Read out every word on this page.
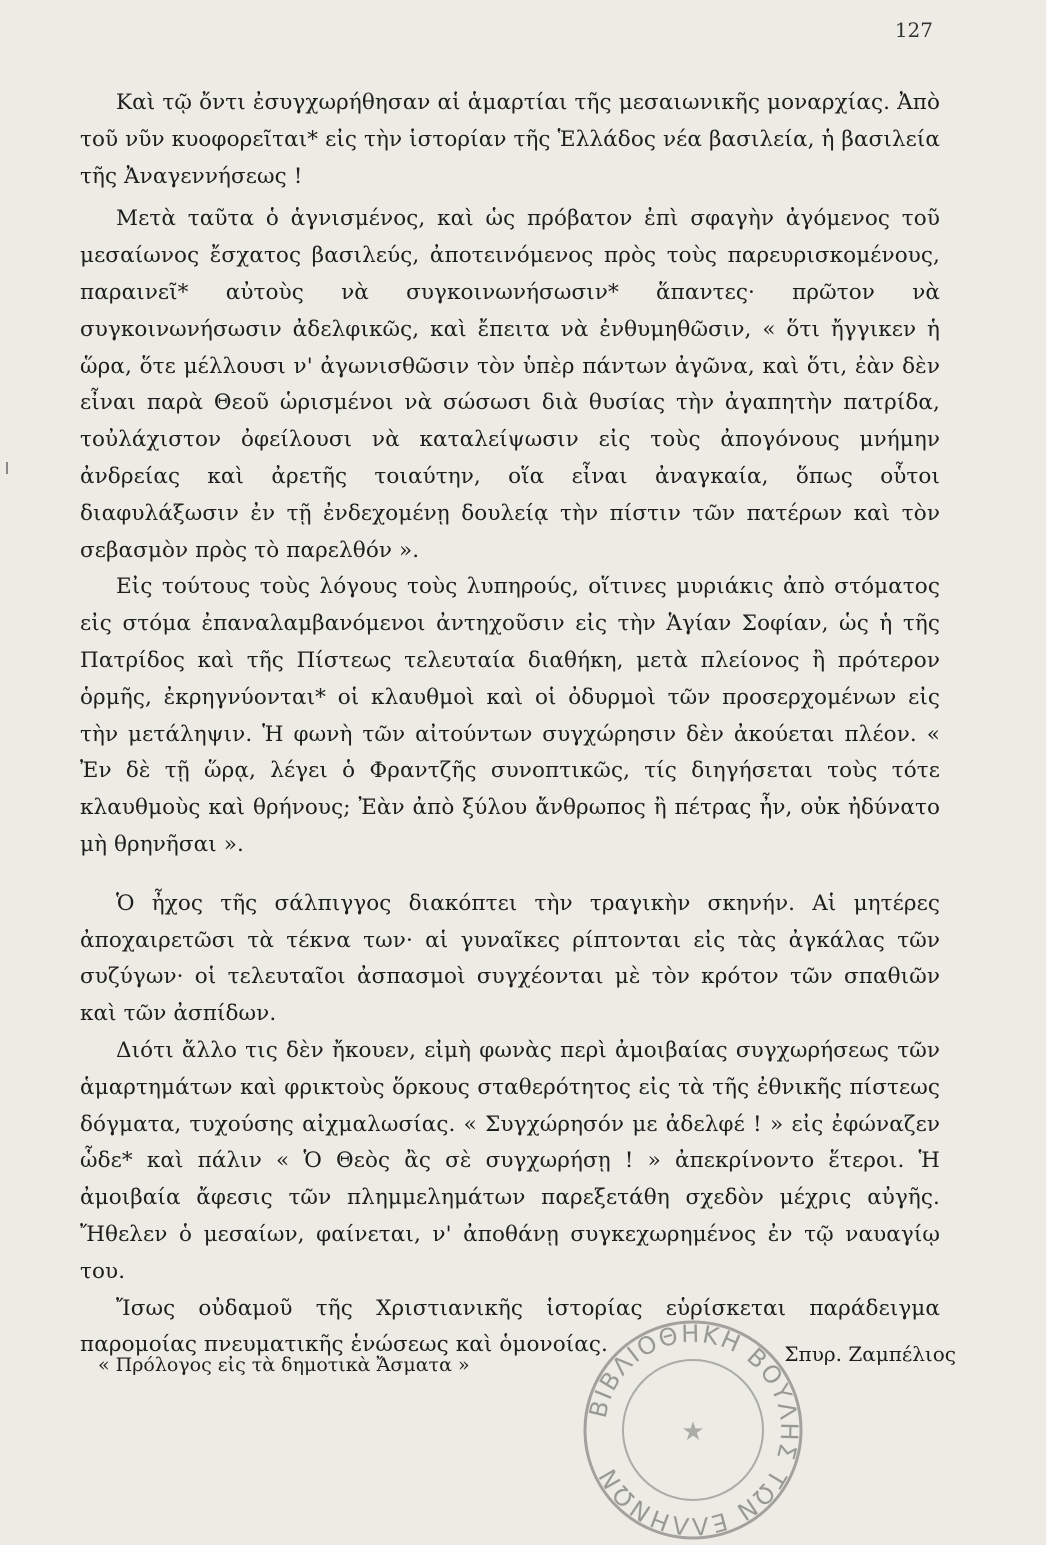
127

Καὶ τῷ ὄντι ἐσυγχωρήθησαν αἱ ἁμαρτίαι τῆς μεσαιωνικῆς μοναρχίας. Ἀπὸ τοῦ νῦν κυοφορεῖται* εἰς τὴν ἱστορίαν τῆς Ἑλλάδος νέα βασιλεία, ἡ βασιλεία τῆς Ἀναγεννήσεως !

Μετὰ ταῦτα ὁ ἁγνισμένος, καὶ ὡς πρόβατον ἐπὶ σφαγὴν ἀγόμενος τοῦ μεσαίωνος ἔσχατος βασιλεύς, ἀποτεινόμενος πρὸς τοὺς παρευρισκομένους, παραινεῖ* αὐτοὺς νὰ συγκοινωνήσωσιν* ἅπαντες· πρῶτον νὰ συγκοινωνήσωσιν ἀδελφικῶς, καὶ ἔπειτα νὰ ἐνθυμηθῶσιν, « ὅτι ἤγγικεν ἡ ὥρα, ὅτε μέλλουσι ν' ἀγωνισθῶσιν τὸν ὑπὲρ πάντων ἀγῶνα, καὶ ὅτι, ἐὰν δὲν εἶναι παρὰ Θεοῦ ὡρισμένοι νὰ σώσωσι διὰ θυσίας τὴν ἀγαπητὴν πατρίδα, τοὐλάχιστον ὀφείλουσι νὰ καταλείψωσιν εἰς τοὺς ἀπογόνους μνήμην ἀνδρείας καὶ ἀρετῆς τοιαύτην, οἵα εἶναι ἀναγκαία, ὅπως οὗτοι διαφυλάξωσιν ἐν τῇ ἐνδεχομένῃ δουλείᾳ τὴν πίστιν τῶν πατέρων καὶ τὸν σεβασμὸν πρὸς τὸ παρελθόν ».

Εἰς τούτους τοὺς λόγους τοὺς λυπηρούς, οἵτινες μυριάκις ἀπὸ στόματος εἰς στόμα ἐπαναλαμβανόμενοι ἀντηχοῦσιν εἰς τὴν Ἁγίαν Σοφίαν, ὡς ἡ τῆς Πατρίδος καὶ τῆς Πίστεως τελευταία διαθήκη, μετὰ πλείονος ἢ πρότερον ὁρμῆς, ἐκρηγνύονται* οἱ κλαυθμοὶ καὶ οἱ ὀδυρμοὶ τῶν προσερχομένων εἰς τὴν μετάληψιν. Ἡ φωνὴ τῶν αἰτούντων συγχώρησιν δὲν ἀκούεται πλέον. « Ἐν δὲ τῇ ὥρᾳ, λέγει ὁ Φραντζῆς συνοπτικῶς, τίς διηγήσεται τοὺς τότε κλαυθμοὺς καὶ θρήνους; Ἐὰν ἀπὸ ξύλου ἄνθρωπος ἢ πέτρας ἦν, οὐκ ἠδύνατο μὴ θρηνῆσαι ».

Ὁ ἦχος τῆς σάλπιγγος διακόπτει τὴν τραγικὴν σκηνήν. Αἱ μητέρες ἀποχαιρετῶσι τὰ τέκνα των· αἱ γυναῖκες ρίπτονται εἰς τὰς ἀγκάλας τῶν συζύγων· οἱ τελευταῖοι ἀσπασμοὶ συγχέονται μὲ τὸν κρότον τῶν σπαθιῶν καὶ τῶν ἀσπίδων.

Διότι ἄλλο τις δὲν ἤκουεν, εἰμὴ φωνὰς περὶ ἀμοιβαίας συγχωρήσεως τῶν ἁμαρτημάτων καὶ φρικτοὺς ὅρκους σταθερότητος εἰς τὰ τῆς ἐθνικῆς πίστεως δόγματα, τυχούσης αἰχμαλωσίας. « Συγχώρησόν με ἀδελφέ ! » εἰς ἐφώναζεν ὧδε* καὶ πάλιν « Ὁ Θεὸς ἂς σὲ συγχωρήσῃ ! » ἀπεκρίνοντο ἕτεροι. Ἡ ἀμοιβαία ἄφεσις τῶν πλημμελημάτων παρεξετάθη σχεδὸν μέχρις αὐγῆς. Ἤθελεν ὁ μεσαίων, φαίνεται, ν' ἀποθάνῃ συγκεχωρημένος ἐν τῷ ναυαγίῳ του.

Ἴσως οὐδαμοῦ τῆς Χριστιανικῆς ἱστορίας εὑρίσκεται παράδειγμα παρομοίας πνευματικῆς ἑνώσεως καὶ ὁμονοίας.

« Πρόλογος εἰς τὰ δημοτικὰ Ἄσματα »	Σπυρ. Ζαμπέλιος
ΒΙΒΛΙΟΘΗΚΗ ΒΟΥΛΗΣ ΤΩΝ ΕΛΛΗΝΩΝ
★
